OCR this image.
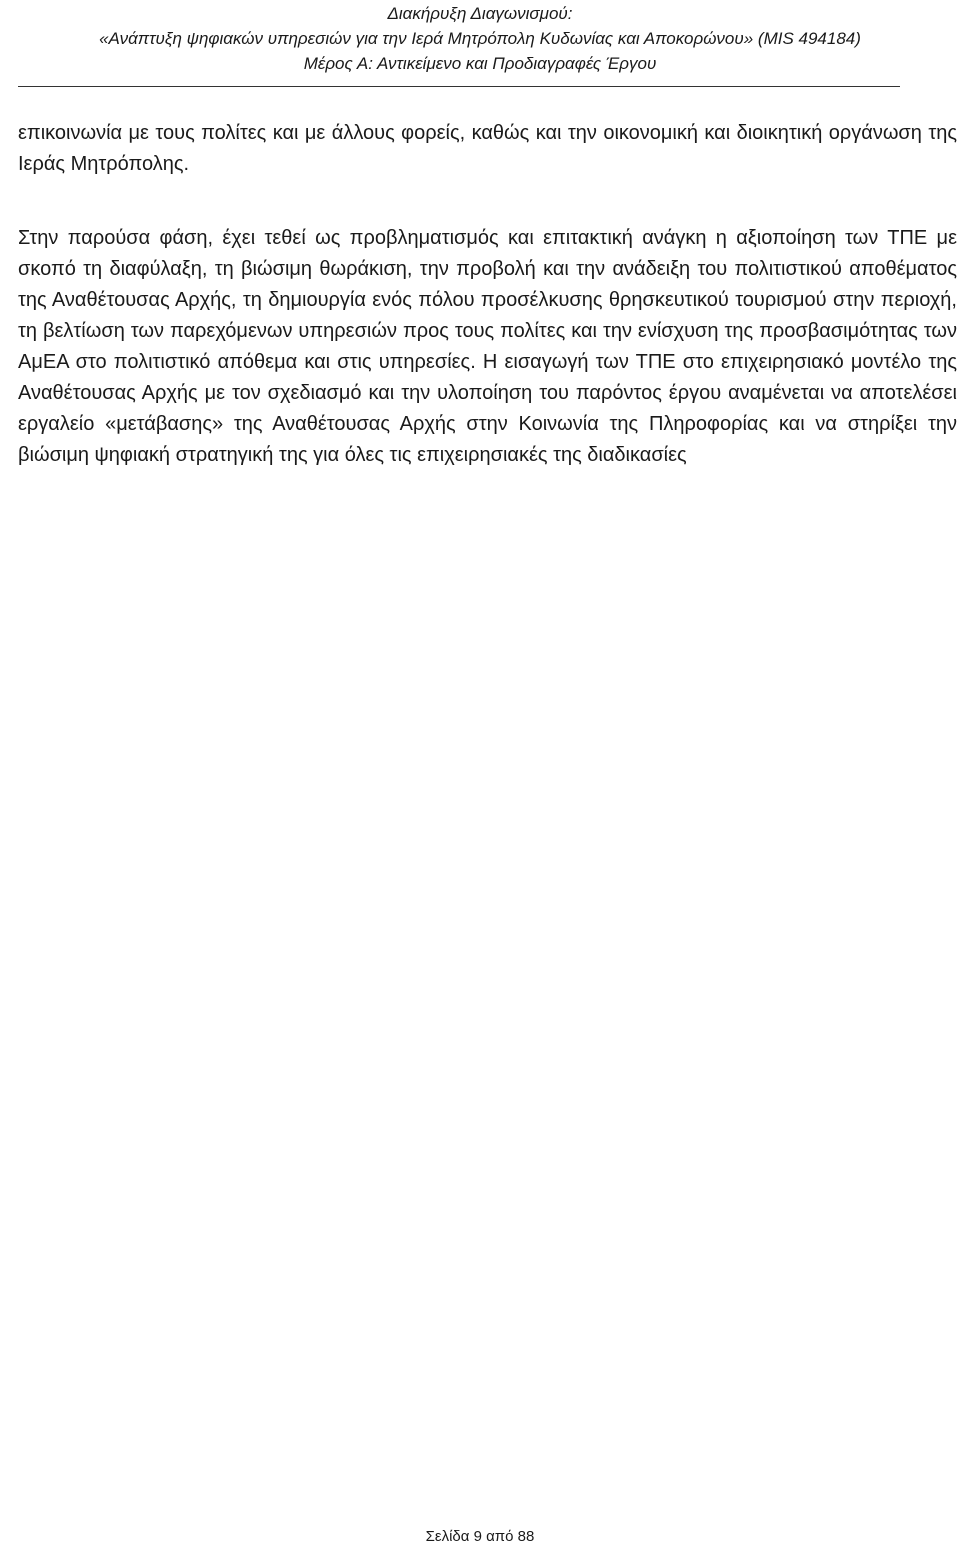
Διακήρυξη Διαγωνισμού:
«Ανάπτυξη ψηφιακών υπηρεσιών για την Ιερά Μητρόπολη Κυδωνίας και Αποκορώνου» (MIS 494184)
Μέρος Α: Αντικείμενο και Προδιαγραφές Έργου

επικοινωνία με τους πολίτες και με άλλους φορείς, καθώς και την οικονομική και διοικητική οργάνωση της Ιεράς Μητρόπολης.

Στην παρούσα φάση, έχει τεθεί ως προβληματισμός και επιτακτική ανάγκη η αξιοποίηση των ΤΠΕ με σκοπό τη διαφύλαξη, τη βιώσιμη θωράκιση, την προβολή και την ανάδειξη του πολιτιστικού αποθέματος της Αναθέτουσας Αρχής, τη δημιουργία ενός πόλου προσέλκυσης θρησκευτικού τουρισμού στην περιοχή, τη βελτίωση των παρεχόμενων υπηρεσιών προς τους πολίτες και την ενίσχυση της προσβασιμότητας των ΑμΕΑ στο πολιτιστικό απόθεμα και στις υπηρεσίες. Η εισαγωγή των ΤΠΕ στο επιχειρησιακό μοντέλο της Αναθέτουσας Αρχής με τον σχεδιασμό και την υλοποίηση του παρόντος έργου αναμένεται να αποτελέσει εργαλείο «μετάβασης» της Αναθέτουσας Αρχής στην Κοινωνία της Πληροφορίας και να στηρίξει την βιώσιμη ψηφιακή στρατηγική της για όλες τις επιχειρησιακές της διαδικασίες

Σελίδα 9 από 88
